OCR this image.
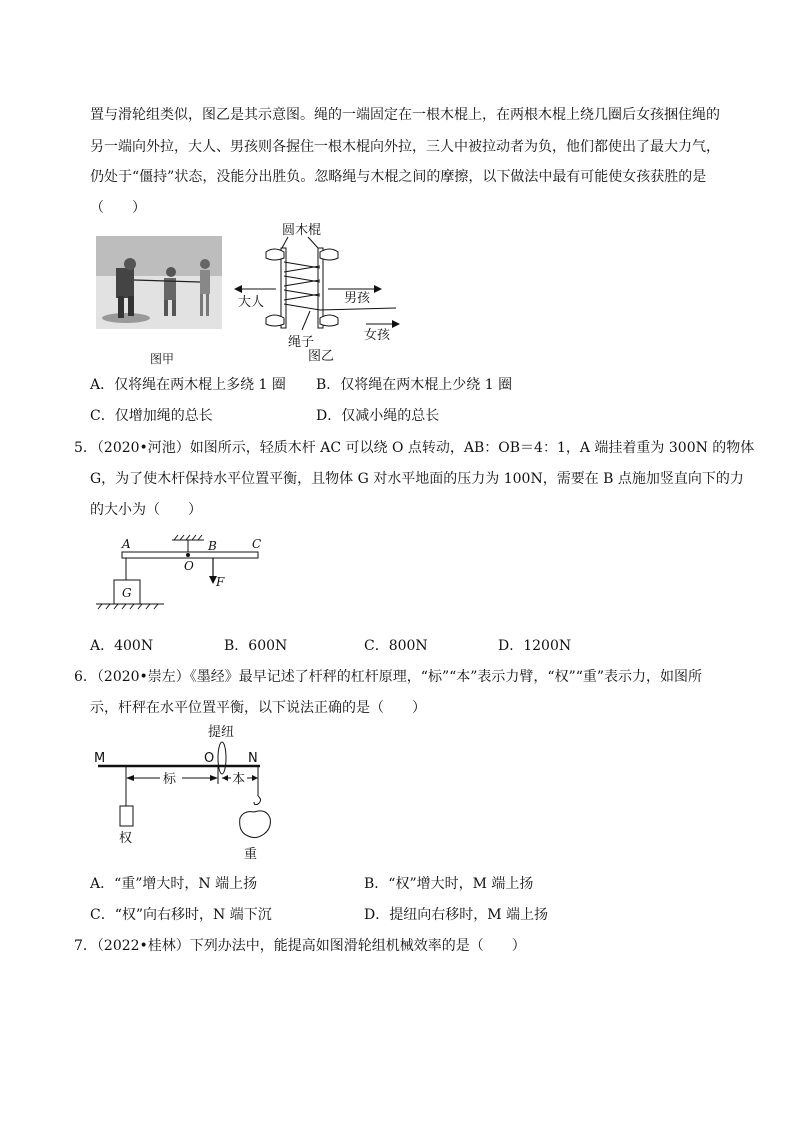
置与滑轮组类似，图乙是其示意图。绳的一端固定在一根木棍上，在两根木棍上绕几圈后女孩捆住绳的
另一端向外拉，大人、男孩则各握住一根木棍向外拉，三人中被拉动者为负，他们都使出了最大力气，
仍处于“僵持”状态，没能分出胜负。忽略绳与木棍之间的摩擦，以下做法中最有可能使女孩获胜的是
（　　）
图甲
圆木棍
大人	男孩
女孩
绳子
图乙
A．仅将绳在两木棍上多绕 1 圈 B．仅将绳在两木棍上少绕 1 圈
C．仅增加绳的总长	D．仅减小绳的总长
5．（2020•河池）如图所示，轻质木杆 AC 可以绕 O 点转动，AB：OB＝4：1，A 端挂着重为 300N 的物体
G，为了使木杆保持水平位置平衡，且物体 G 对水平地面的压力为 100N，需要在 B 点施加竖直向下的力
的大小为（　　）
A	B	C
O
F
G
A．400N	B．600N	C．800N	D．1200N
6．（2020•崇左）《墨经》最早记述了杆秤的杠杆原理，“标”“本”表示力臂，“权”“重”表示力，如图所
示，杆秤在水平位置平衡，以下说法正确的是（　　）
提纽
M	O	N
标	本
权
重
A．“重”增大时，N 端上扬	B．“权”增大时，M 端上扬
C．“权”向右移时，N 端下沉	D．提纽向右移时，M 端上扬
7．（2022•桂林）下列办法中，能提高如图滑轮组机械效率的是（　　）
